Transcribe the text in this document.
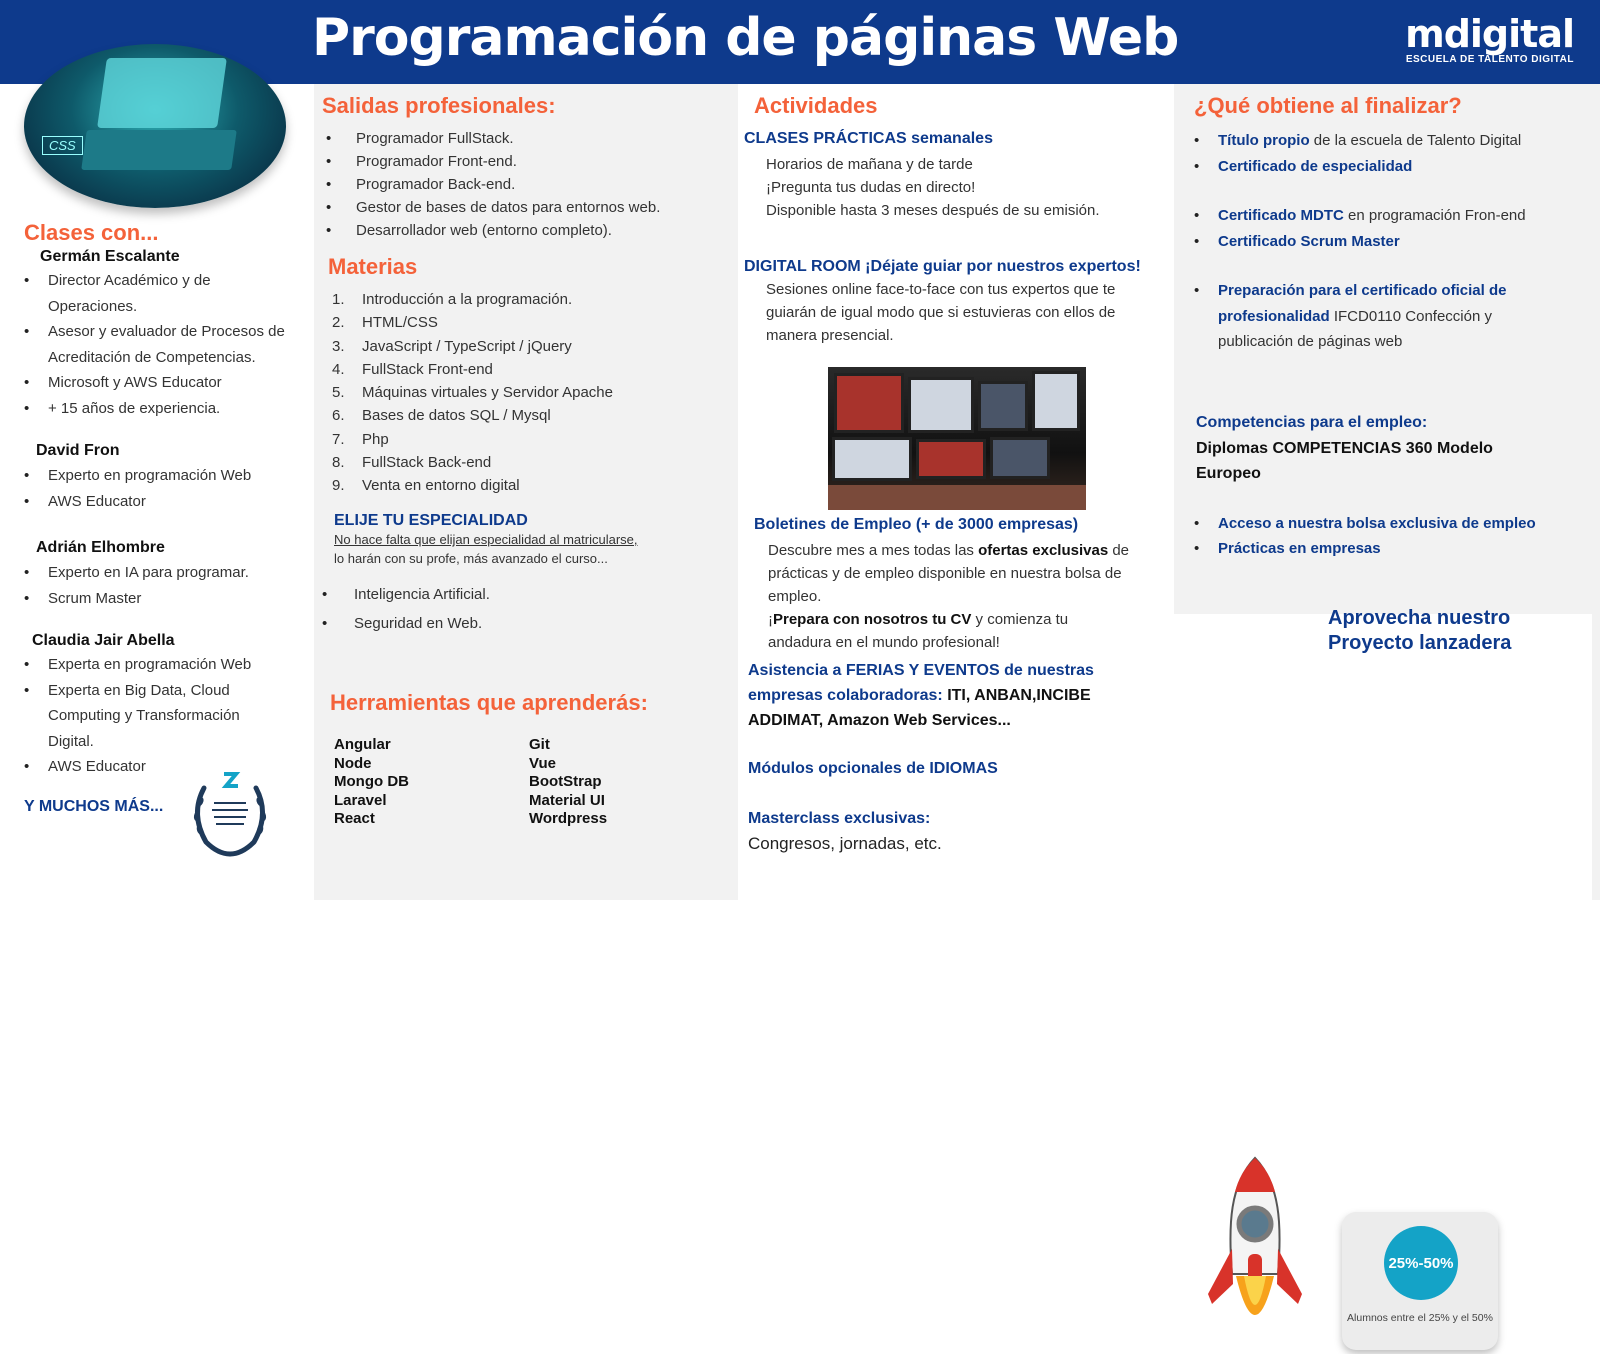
Programación de páginas Web	mdigital
ESCUELA DE TALENTO DIGITAL
Clases con...
Germán Escalante
• Director Académico y de Operaciones.
• Asesor y evaluador de Procesos de Acreditación de Competencias.
• Microsoft y AWS Educator
• + 15 años de experiencia.
David Fron
• Experto en programación Web
• AWS Educator
Adrián Elhombre
• Experto en IA para programar.
• Scrum Master
Claudia Jair Abella
• Experta en programación Web
• Experta en Big Data, Cloud Computing y Transformación Digital.
• AWS Educator
Y MUCHOS MÁS...
CSS
Salidas profesionales:
• Programador FullStack.
• Programador Front-end.
• Programador Back-end.
• Gestor de bases de datos para entornos web.
• Desarrollador web (entorno completo).
Materias
1. Introducción a la programación.
2. HTML/CSS
3. JavaScript / TypeScript / jQuery
4. FullStack Front-end
5. Máquinas virtuales y Servidor Apache
6. Bases de datos SQL / Mysql
7. Php
8. FullStack Back-end
9. Venta en entorno digital
ELIJE TU ESPECIALIDAD
No hace falta que elijan especialidad al matricularse,
lo harán con su profe, más avanzado el curso...
• Inteligencia Artificial.
• Seguridad en Web.
Herramientas que aprenderás:
Angular
Node
Mongo DB
Laravel
React
Git
Vue
BootStrap
Material UI
Wordpress
Actividades
CLASES PRÁCTICAS semanales
Horarios de mañana y de tarde
¡Pregunta tus dudas en directo!
Disponible hasta 3 meses después de su emisión.
DIGITAL ROOM ¡Déjate guiar por nuestros expertos!
Sesiones online face-to-face con tus expertos que te guiarán de igual modo que si estuvieras con ellos de manera presencial.
Boletines de Empleo (+ de 3000 empresas)
Descubre mes a mes todas las ofertas exclusivas de prácticas y de empleo disponible en nuestra bolsa de empleo.
¡Prepara con nosotros tu CV y comienza tu andadura en el mundo profesional!
Asistencia a FERIAS Y EVENTOS de nuestras empresas colaboradoras: ITI, ANBAN,INCIBE ADDIMAT, Amazon Web Services...
Módulos opcionales de IDIOMAS
Masterclass exclusivas:
Congresos, jornadas, etc.
¿Qué obtiene al finalizar?
• Título propio de la escuela de Talento Digital
• Certificado de especialidad
• Certificado MDTC en programación Fron-end
• Certificado Scrum Master
• Preparación para el certificado oficial de profesionalidad IFCD0110 Confección y publicación de páginas web
Competencias para el empleo:
Diplomas COMPETENCIAS 360 Modelo Europeo
• Acceso a nuestra bolsa exclusiva de empleo
• Prácticas en empresas
Aprovecha nuestro Proyecto lanzadera
25%-50%
Alumnos entre el 25% y el 50%
